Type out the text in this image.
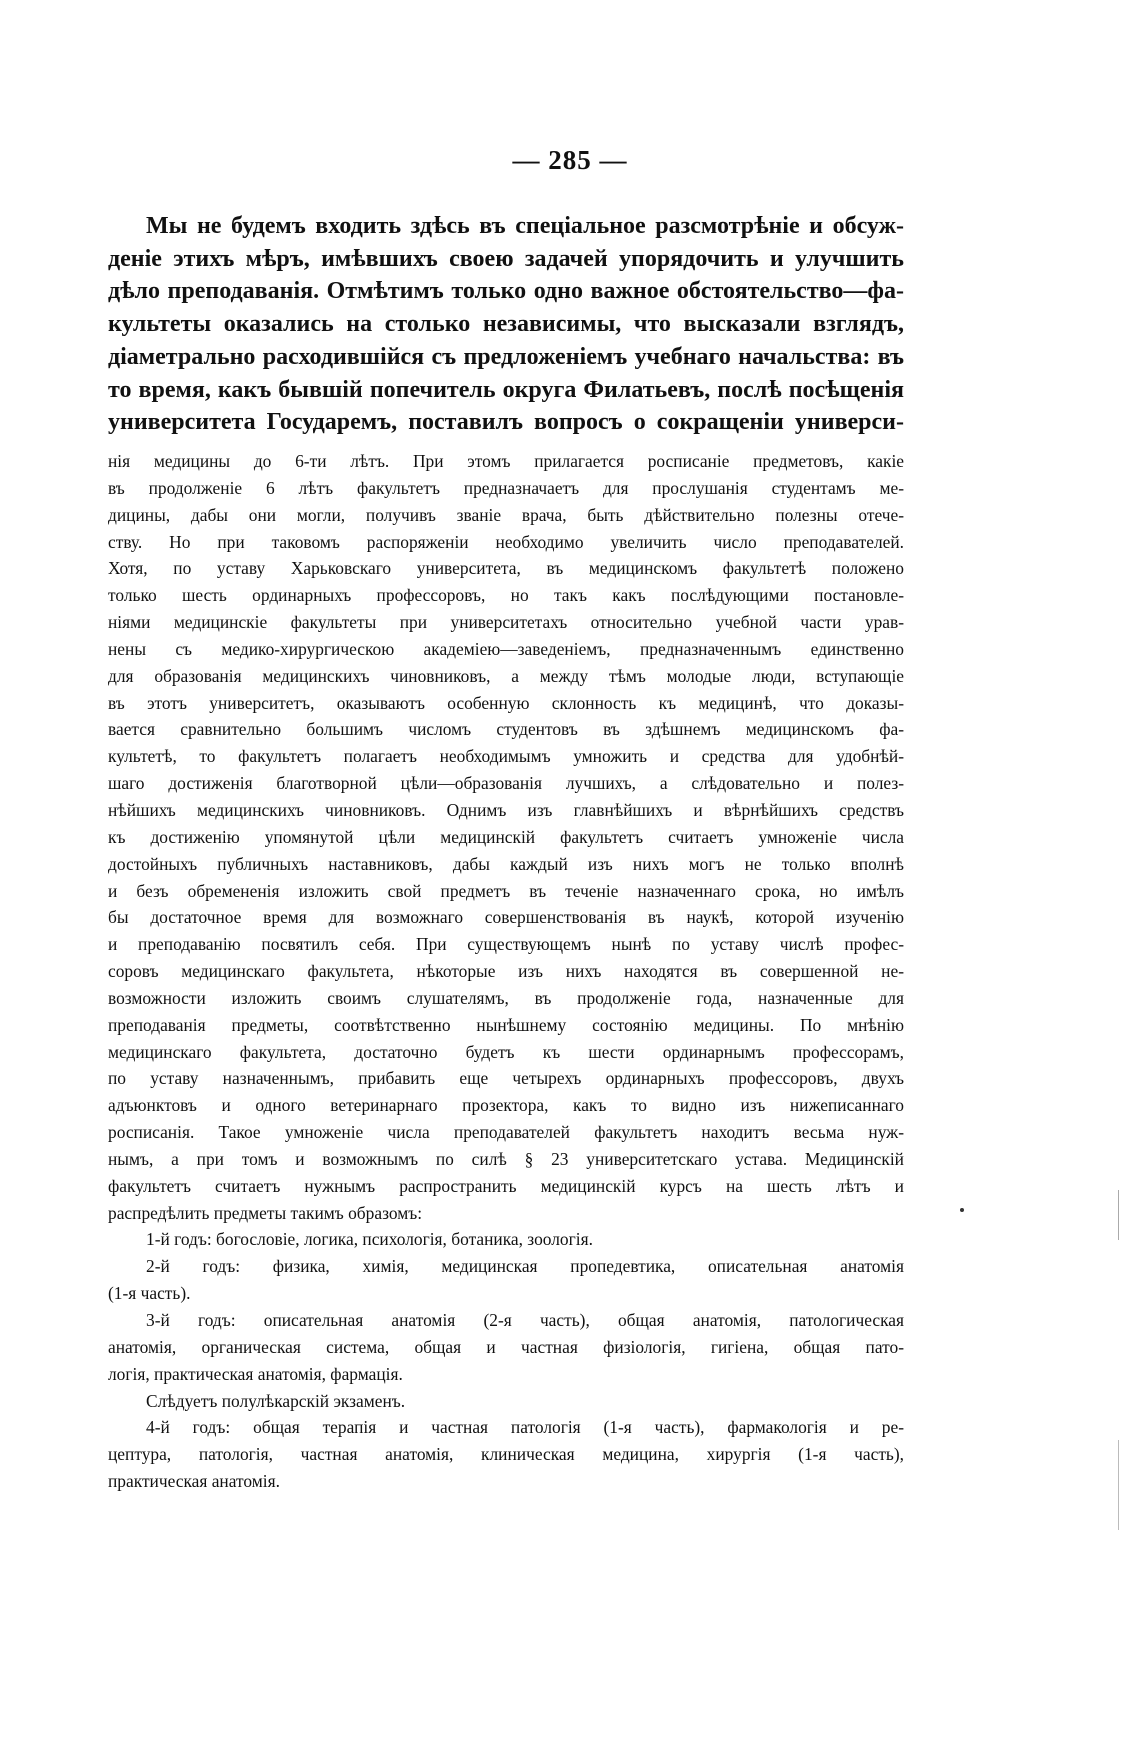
— 285 —
Мы не будемъ входить здѣсь въ спеціальное разсмотрѣніе и обсуж-
деніе этихъ мѣръ, имѣвшихъ своею задачей упорядочить и улучшить
дѣло преподаванія. Отмѣтимъ только одно важное обстоятельство—фа-
культеты оказались на столько независимы, что высказали взглядъ,
діаметрально расходившійся съ предложеніемъ учебнаго начальства: въ
то время, какъ бывшій попечитель округа Филатьевъ, послѣ посѣщенія
университета Государемъ, поставилъ вопросъ о сокращеніи универси-
нія медицины до 6-ти лѣтъ. При этомъ прилагается росписаніе предметовъ, какіе
въ продолженіе 6 лѣтъ факультетъ предназначаетъ для прослушанія студентамъ ме-
дицины, дабы они могли, получивъ званіе врача, быть дѣйствительно полезны отече-
ству. Но при таковомъ распоряженіи необходимо увеличить число преподавателей.
Хотя, по уставу Харьковскаго университета, въ медицинскомъ факультетѣ положено
только шесть ординарныхъ профессоровъ, но такъ какъ послѣдующими постановле-
ніями медицинскіе факультеты при университетахъ относительно учебной части урав-
нены съ медико-хирургическою академіею—заведеніемъ, предназначеннымъ единственно
для образованія медицинскихъ чиновниковъ, а между тѣмъ молодые люди, вступающіе
въ этотъ университетъ, оказываютъ особенную склонность къ медицинѣ, что доказы-
вается сравнительно большимъ числомъ студентовъ въ здѣшнемъ медицинскомъ фа-
культетѣ, то факультетъ полагаетъ необходимымъ умножить и средства для удобнѣй-
шаго достиженія благотворной цѣли—образованія лучшихъ, а слѣдовательно и полез-
нѣйшихъ медицинскихъ чиновниковъ. Однимъ изъ главнѣйшихъ и вѣрнѣйшихъ средствъ
къ достиженію упомянутой цѣли медицинскій факультетъ считаетъ умноженіе числа
достойныхъ публичныхъ наставниковъ, дабы каждый изъ нихъ могъ не только вполнѣ
и безъ обремененія изложить свой предметъ въ теченіе назначеннаго срока, но имѣлъ
бы достаточное время для возможнаго совершенствованія въ наукѣ, которой изученію
и преподаванію посвятилъ себя. При существующемъ нынѣ по уставу числѣ профес-
соровъ медицинскаго факультета, нѣкоторые изъ нихъ находятся въ совершенной не-
возможности изложить своимъ слушателямъ, въ продолженіе года, назначенные для
преподаванія предметы, соотвѣтственно нынѣшнему состоянію медицины. По мнѣнію
медицинскаго факультета, достаточно будетъ къ шести ординарнымъ профессорамъ,
по уставу назначеннымъ, прибавить еще четырехъ ординарныхъ профессоровъ, двухъ
адъюнктовъ и одного ветеринарнаго прозектора, какъ то видно изъ нижеписаннаго
росписанія. Такое умноженіе числа преподавателей факультетъ находитъ весьма нуж-
нымъ, а при томъ и возможнымъ по силѣ § 23 университетскаго устава. Медицинскій
факультетъ считаетъ нужнымъ распространить медицинскій курсъ на шесть лѣтъ и
распредѣлить предметы такимъ образомъ:
1-й годъ: богословіе, логика, психологія, ботаника, зоологія.
2-й годъ: физика, химія, медицинская пропедевтика, описательная анатомія
(1-я часть).
3-й годъ: описательная анатомія (2-я часть), общая анатомія, патологическая
анатомія, органическая система, общая и частная физіологія, гигіена, общая пато-
логія, практическая анатомія, фармація.
Слѣдуетъ полулѣкарскій экзаменъ.
4-й годъ: общая терапія и частная патологія (1-я часть), фармакологія и ре-
цептура, патологія, частная анатомія, клиническая медицина, хирургія (1-я часть),
практическая анатомія.
